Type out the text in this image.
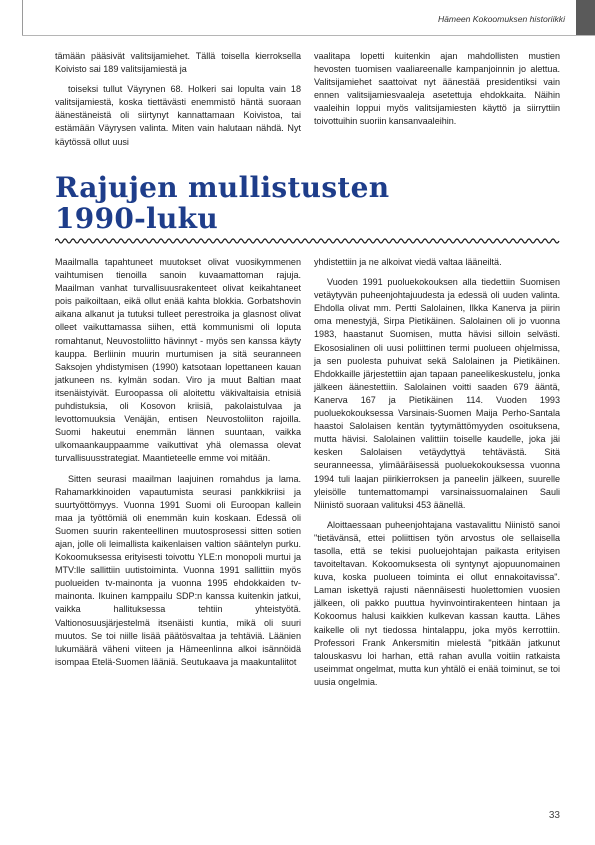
Hämeen Kokoomuksen historiikki

tämään pääsivät valitsijamiehet. Tällä toisella kierroksella Koivisto sai 189 valitsijamiestä ja

toiseksi tullut Väyrynen 68. Holkeri sai lopulta vain 18 valitsijamiestä, koska tiettävästi enemmistö häntä suoraan äänestäneistä oli siirtynyt kannattamaan Koivistoa, tai estämään Väyrysen valinta. Miten vain halutaan nähdä. Nyt käytössä ollut uusi

vaalitapa lopetti kuitenkin ajan mahdollisten mustien hevosten tuomisen vaaliareenalle kampanjoinnin jo alettua. Valitsijamiehet saattoivat nyt äänestää presidentiksi vain ennen valitsijamiesvaaleja asetettuja ehdokkaita. Näihin vaaleihin loppui myös valitsijamiesten käyttö ja siirryttiin toivottuihin suoriin kansanvaaleihin.

Rajujen mullistusten
1990-luku

Maailmalla tapahtuneet muutokset olivat vuosikymmenen vaihtumisen tienoilla sanoin kuvaamattoman rajuja. Maailman vanhat turvallisuusrakenteet olivat keikahtaneet pois paikoiltaan, eikä ollut enää kahta blokkia. Gorbatshovin aikana alkanut ja tutuksi tulleet perestroika ja glasnost olivat olleet vaikuttamassa siihen, että kommunismi oli loputa romahtanut, Neuvostoliitto hävinnyt - myös sen kanssa käyty kauppa. Berliinin muurin murtumisen ja sitä seuranneen Saksojen yhdistymisen (1990) katsotaan lopettaneen kauan jatkuneen ns. kylmän sodan. Viro ja muut Baltian maat itsenäistyivät. Euroopassa oli aloitettu väkivaltaisia etnisiä puhdistuksia, oli Kosovon kriisiä, pakolaistulvaa ja levottomuuksia Venäjän, entisen Neuvostoliiton rajoilla. Suomi hakeutui enemmän lännen suuntaan, vaikka ulkomaankauppaamme vaikuttivat yhä olemassa olevat turvallisuusstrategiat. Maantieteelle emme voi mitään.

Sitten seurasi maailman laajuinen romahdus ja lama. Rahamarkkinoiden vapautumista seurasi pankkikriisi ja suurtyöttömyys. Vuonna 1991 Suomi oli Euroopan kallein maa ja työttömiä oli enemmän kuin koskaan. Edessä oli Suomen suurin rakenteellinen muutosprosessi sitten sotien ajan, jolle oli leimallista kaikenlaisen valtion sääntelyn purku. Kokoomuksessa erityisesti toivottu YLE:n monopoli murtui ja MTV:lle sallittiin uutistoiminta. Vuonna 1991 sallittiin myös puolueiden tv-mainonta ja vuonna 1995 ehdokkaiden tv-mainonta. Ikuinen kamppailu SDP:n kanssa kuitenkin jatkui, vaikka hallituksessa tehtiin yhteistyötä. Valtionosuusjärjestelmä itsenäisti kuntia, mikä oli suuri muutos. Se toi niille lisää päätösvaltaa ja tehtäviä. Läänien lukumäärä väheni viiteen ja Hämeenlinna alkoi isännöidä isompaa Etelä-Suomen lääniä. Seutukaava ja maakuntaliitot

yhdistettiin ja ne alkoivat viedä valtaa lääneiltä.

Vuoden 1991 puoluekokouksen alla tiedettiin Suomisen vetäytyvän puheenjohtajuudesta ja edessä oli uuden valinta. Ehdolla olivat mm. Pertti Salolainen, Ilkka Kanerva ja piirin oma menestyjä, Sirpa Pietikäinen. Salolainen oli jo vuonna 1983, haastanut Suomisen, mutta hävisi silloin selvästi. Ekososialinen oli uusi poliittinen termi puolueen ohjelmissa, ja sen puolesta puhuivat sekä Salolainen ja Pietikäinen. Ehdokkaille järjestettiin ajan tapaan paneelikeskustelu, jonka jälkeen äänestettiin. Salolainen voitti saaden 679 ääntä, Kanerva 167 ja Pietikäinen 114. Vuoden 1993 puoluekokouksessa Varsinais-Suomen Maija Perho-Santala haastoi Salolaisen kentän tyytymättömyyden osoituksena, mutta hävisi. Salolainen valittiin toiselle kaudelle, joka jäi kesken Salolaisen vetäydyttyä tehtävästä. Sitä seuranneessa, ylimääräisessä puoluekokouksessa vuonna 1994 tuli laajan piirikierroksen ja paneelin jälkeen, suurelle yleisölle tuntemattomampi varsinaissuomalainen Sauli Niinistö suoraan valituksi 453 äänellä.

Aloittaessaan puheenjohtajana vastavalittu Niinistö sanoi "tietävänsä, ettei poliittisen työn arvostus ole sellaisella tasolla, että se tekisi puoluejohtajan paikasta erityisen tavoiteltavan. Kokoomuksesta oli syntynyt ajopuunomainen kuva, koska puolueen toiminta ei ollut ennakoitavissa". Laman iskettyä rajusti näennäisesti huolettomien vuosien jälkeen, oli pakko puuttua hyvinvointirakenteen hintaan ja Kokoomus halusi kaikkien kulkevan kassan kautta. Lähes kaikelle oli nyt tiedossa hintalappu, joka myös kerrottiin. Professori Frank Ankersmitin mielestä "pitkään jatkunut talouskasvu loi harhan, että rahan avulla voitiin ratkaista useimmat ongelmat, mutta kun yhtälö ei enää toiminut, se toi uusia ongelmia.

33
